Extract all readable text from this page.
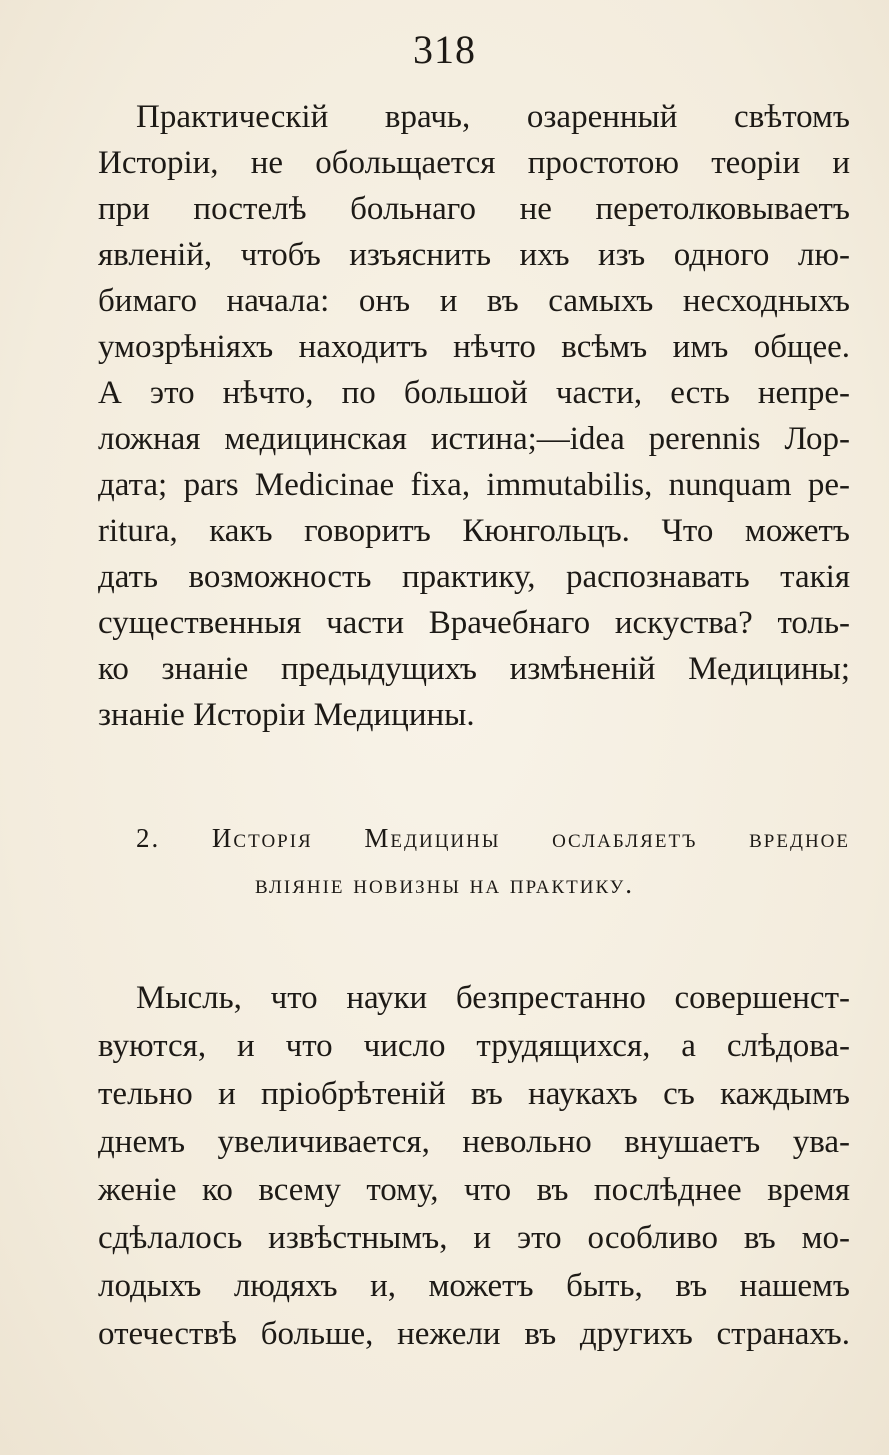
318
Практическій врачь, озаренный свѣтомъ
Исторіи, не обольщается простотою теоріи и
при постелѣ больнаго не перетолковываетъ
явленій, чтобъ изъяснить ихъ изъ одного лю-
бимаго начала: онъ и въ самыхъ несходныхъ
умозрѣніяхъ находитъ нѣчто всѣмъ имъ общее.
А это нѣчто, по большой части, есть непре-
ложная медицинская истина;—idea perennis Лор-
дата; pars Medicinae fixa, immutabilis, nunquam pe-
ritura, какъ говоритъ Кюнгольцъ. Что можетъ
дать возможность практику, распознавать такія
существенныя части Врачебнаго искуства? толь-
ко знаніе предыдущихъ измѣненій Медицины;
знаніе Исторіи Медицины.
2. Исторія Медицины ослабляетъ вредное
вліяніе новизны на практику.
Мысль, что науки безпрестанно совершенст-
вуются, и что число трудящихся, а слѣдова-
тельно и пріобрѣтеній въ наукахъ съ каждымъ
днемъ увеличивается, невольно внушаетъ ува-
женіе ко всему тому, что въ послѣднее время
сдѣлалось извѣстнымъ, и это особливо въ мо-
лодыхъ людяхъ и, можетъ быть, въ нашемъ
отечествѣ больше, нежели въ другихъ странахъ.
